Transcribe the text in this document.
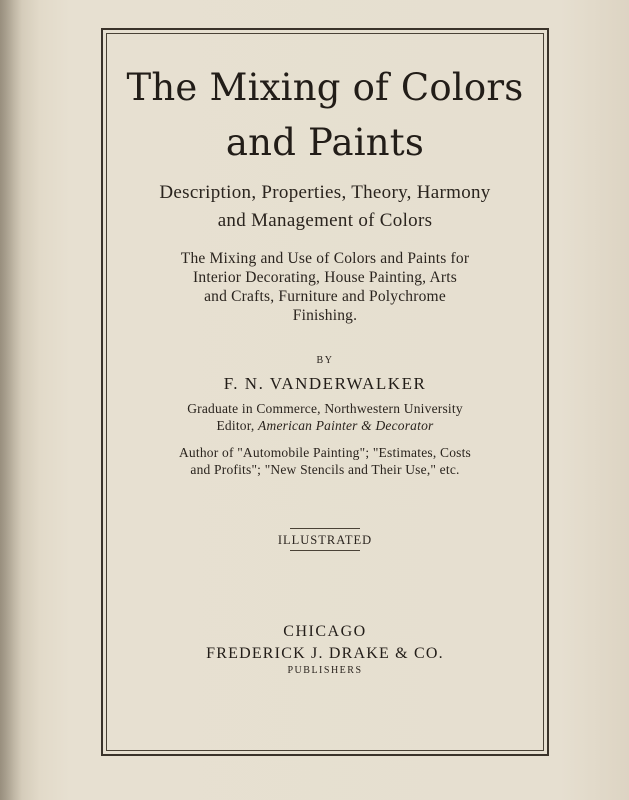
The Mixing of Colors
and Paints
Description, Properties, Theory, Harmony
and Management of Colors
The Mixing and Use of Colors and Paints for
Interior Decorating, House Painting, Arts
and Crafts, Furniture and Polychrome
Finishing.
BY
F. N. VANDERWALKER
Graduate in Commerce, Northwestern University
Editor, American Painter & Decorator
Author of "Automobile Painting"; "Estimates, Costs
and Profits"; "New Stencils and Their Use," etc.
ILLUSTRATED
CHICAGO
FREDERICK J. DRAKE & CO.
PUBLISHERS
